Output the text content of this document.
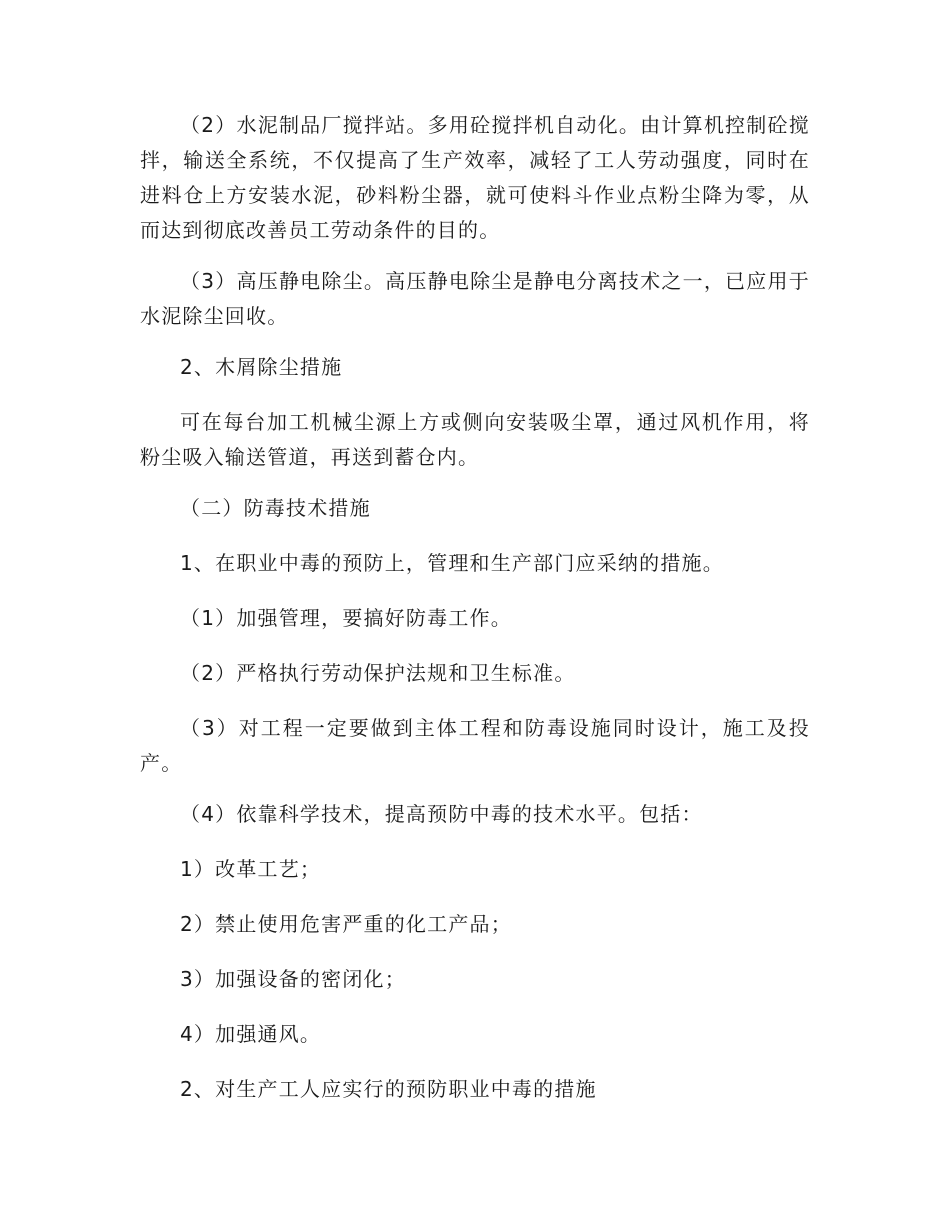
（2）水泥制品厂搅拌站。多用砼搅拌机自动化。由计算机控制砼搅拌，输送全系统，不仅提高了生产效率，减轻了工人劳动强度，同时在进料仓上方安装水泥，砂料粉尘器，就可使料斗作业点粉尘降为零，从而达到彻底改善员工劳动条件的目的。

（3）高压静电除尘。高压静电除尘是静电分离技术之一，已应用于水泥除尘回收。

2、木屑除尘措施

可在每台加工机械尘源上方或侧向安装吸尘罩，通过风机作用，将粉尘吸入输送管道，再送到蓄仓内。

（二）防毒技术措施

1、在职业中毒的预防上，管理和生产部门应采纳的措施。

（1）加强管理，要搞好防毒工作。

（2）严格执行劳动保护法规和卫生标准。

（3）对工程一定要做到主体工程和防毒设施同时设计，施工及投产。

（4）依靠科学技术，提高预防中毒的技术水平。包括：

1）改革工艺；

2）禁止使用危害严重的化工产品；

3）加强设备的密闭化；

4）加强通风。

2、对生产工人应实行的预防职业中毒的措施
